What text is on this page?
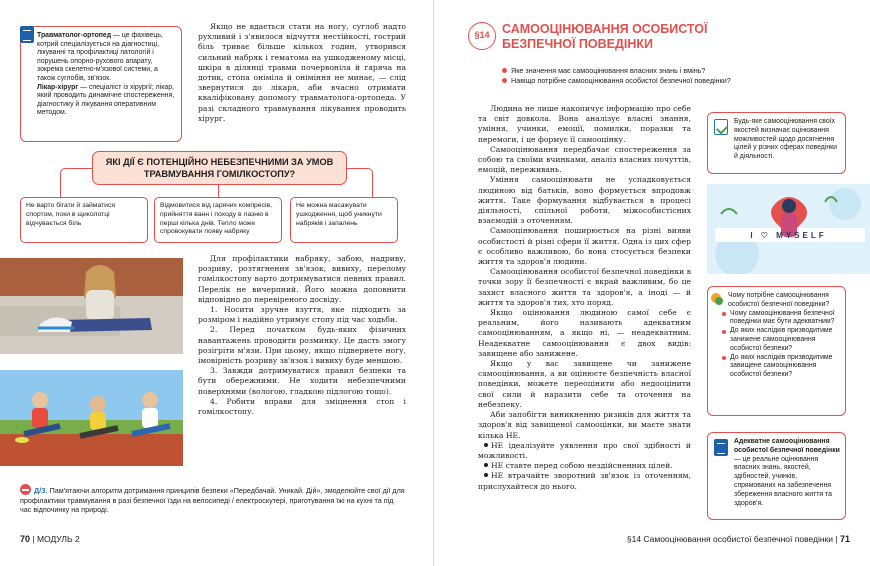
Травматолог-ортопед — це фахівець, котрий спеціалізується на діагностиці, лікуванні та профілактиці патологій і порушень опорно-рухового апарату, зокрема скелетно-м'язової системи, а також суглобів, зв'язок.
Лікар-хірург — спеціаліст із хірургії; лікар, який проводить динамічне спостереження, діагностику й лікування оперативним методом.

Якщо не вдається стати на ногу, суглоб надто рухливий і з'явилося відчуття нестійкості, гострий біль триває більше кількох годин, утворився сильний набряк і гематома на ушкодженому місці, шкіра в ділянці травми почервоніла й гаряча на дотик, стопа оніміла й оніміння не минає, — слід звернутися до лікаря, аби вчасно отримати кваліфіковану допомогу травматолога-ортопеда. У разі складного травмування лікування проводить хірург.

ЯКІ ДІЇ Є ПОТЕНЦІЙНО НЕБЕЗПЕЧНИМИ ЗА УМОВ ТРАВМУВАННЯ ГОМІЛКОСТОПУ?
Не варто бігати й займатися спортом, поки в щиколотці відчувається біль
Відмовитися від гарячих компресів, прийняття ванн і походу в лазню в перші кілька днів. Тепло може спровокувати появу набряку
Не можна масажувати ушкодження, щоб уникнути набряків і запалень

Для профілактики набряку, забою, надриву, розриву, розтягнення зв'язок, вивиху, перелому гомілкостопу варто дотримуватися певних правил. Перелік не вичерпний. Його можна доповнити відповідно до перевіреного досвіду.

1. Носити зручне взуття, яке підходить за розміром і надійно утримує стопу під час ходьби.

2. Перед початком будь-яких фізичних навантажень проводити розминку. Це дасть змогу розігріти м'язи. При цьому, якщо підвернете ногу, імовірність розриву зв'язок і вивиху буде меншою.

3. Завжди дотримуватися правил безпеки та бути обережними. Не ходити небезпечними поверхнями (вологою, гладкою підлогою тощо).

4. Робити вправи для зміцнення стоп і гомілкостопу.

Д/З. Пам'ятаючи алгоритм дотримання принципів безпеки «Передбачай. Уникай. Дій», змоделюйте свої дії для профілактики травмування в разі безпечної їзди на велосипеді / електроскутері, приготування їжі на кухні та під час відпочинку на природі.
70 | МОДУЛЬ 2
§14 САМООЦІНЮВАННЯ ОСОБИСТОЇ БЕЗПЕЧНОЇ ПОВЕДІНКИ
Яке значення має самооцінювання власних знань і вмінь?
Навіщо потрібне самооцінювання особистої безпечної поведінки?

Людина не лише накопичує інформацію про себе та світ довкола. Вона аналізує власні знання, уміння, учинки, емоції, помилки, поразки та перемоги, і це формує її самооцінку.

Самооцінювання передбачає спостереження за собою та своїми вчинками, аналіз власних почуттів, емоцій, переживань.

Уміння самооцінювати не успадковується людиною від батьків, воно формується впродовж життя. Таке формування відбувається в процесі діяльності, спільної роботи, міжособистісних взаємодій з оточенням.

Самооцінювання поширюється на різні вияви особистості й різні сфери її життя. Одна із цих сфер є особливо важливою, бо вона стосується безпеки життя та здоров'я людини.

Самооцінювання особистої безпечної поведінки в точки зору її безпечності є вкрай важливим, бо це захист власного життя та здоров'я, а іноді — й життя та здоров'я тих, хто поряд.

Якщо оцінювання людиною самої себе є реальним, його називають адекватним самооцінюванням, а якщо ні, — неадекватним. Неадекватне самооцінювання є двох видів: завищене або занижене.

Якщо у вас завищене чи занижене самооцінювання, а ви оцінюєте безпечність власної поведінки, можете переоцінити або недооцінити свої сили й наразити себе та оточення на небезпеку.

Аби запобігти виникненню ризиків для життя та здоров'я від завищеної самооцінки, ви маєте знати кілька НЕ.

НЕ ідеалізуйте уявлення про свої здібності й можливості.

НЕ ставте перед собою нездійсненних цілей.

НЕ втрачайте зворотний зв'язок із оточенням, прислухайтеся до нього.

Будь-яке самооцінювання своїх якостей визначає оцінювання можливостей щодо досягнення цілей у різних сферах поведінки й діяльності.
I ♡ MYSELF
Чому потрібне самооцінювання особистої безпечної поведінки?
Чому самооцінювання безпечної поведінки має бути адекватним?
До яких наслідків призводитиме занижене самооцінювання особистої безпеки?
До яких наслідків призводитиме завищене самооцінювання особистої безпеки?
Адекватне самооцінювання особистої безпечної поведінки — це реальне оцінювання власних знань, якостей, здібностей, учинків, спрямованих на забезпечення збереження власного життя та здоров'я.
§14 Самооцінювання особистої безпечної поведінки | 71
